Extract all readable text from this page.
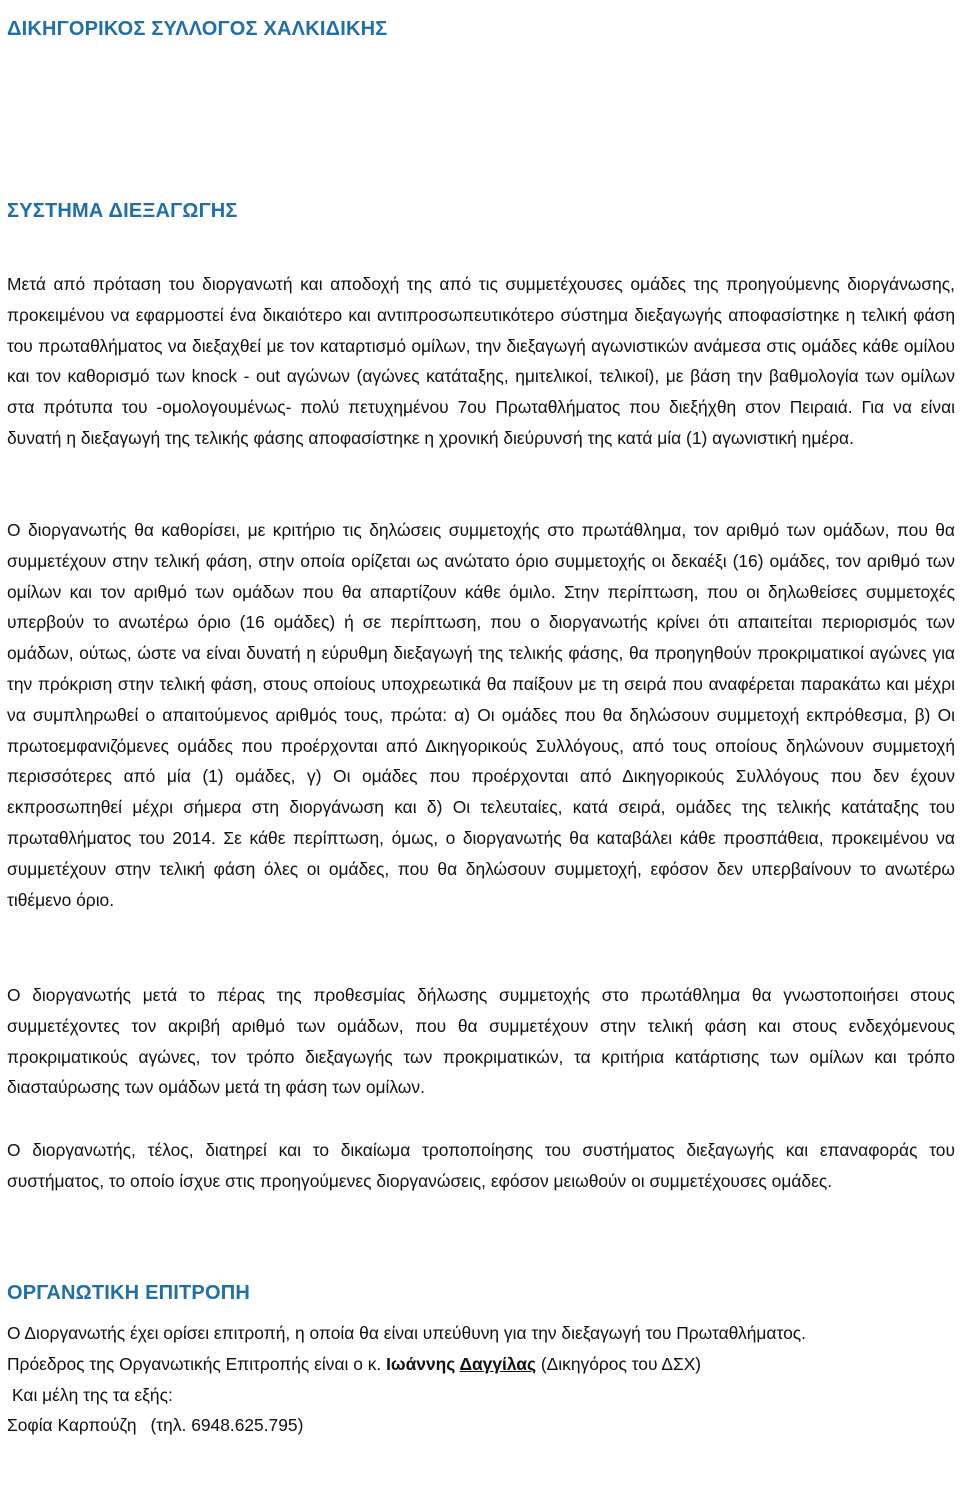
ΔΙΚΗΓΟΡΙΚΟΣ ΣΥΛΛΟΓΟΣ ΧΑΛΚΙΔΙΚΗΣ
ΣΥΣΤΗΜΑ ΔΙΕΞΑΓΩΓΗΣ

Μετά από πρόταση του διοργανωτή και αποδοχή της από τις συμμετέχουσες ομάδες της προηγούμενης διοργάνωσης, προκειμένου να εφαρμοστεί ένα δικαιότερο και αντιπροσωπευτικότερο σύστημα διεξαγωγής αποφασίστηκε η τελική φάση του πρωταθλήματος να διεξαχθεί με τον καταρτισμό ομίλων, την διεξαγωγή αγωνιστικών ανάμεσα στις ομάδες κάθε ομίλου και τον καθορισμό των knock - out αγώνων (αγώνες κατάταξης, ημιτελικοί, τελικοί), με βάση την βαθμολογία των ομίλων στα πρότυπα του -ομολογουμένως- πολύ πετυχημένου 7ου Πρωταθλήματος που διεξήχθη στον Πειραιά. Για να είναι δυνατή η διεξαγωγή της τελικής φάσης αποφασίστηκε η χρονική διεύρυνσή της κατά μία (1) αγωνιστική ημέρα.

Ο διοργανωτής θα καθορίσει, με κριτήριο τις δηλώσεις συμμετοχής στο πρωτάθλημα, τον αριθμό των ομάδων, που θα συμμετέχουν στην τελική φάση, στην οποία ορίζεται ως ανώτατο όριο συμμετοχής οι δεκαέξι (16) ομάδες, τον αριθμό των ομίλων και τον αριθμό των ομάδων που θα απαρτίζουν κάθε όμιλο. Στην περίπτωση, που οι δηλωθείσες συμμετοχές υπερβούν το ανωτέρω όριο (16 ομάδες) ή σε περίπτωση, που ο διοργανωτής κρίνει ότι απαιτείται περιορισμός των ομάδων, ούτως, ώστε να είναι δυνατή η εύρυθμη διεξαγωγή της τελικής φάσης, θα προηγηθούν προκριματικοί αγώνες για την πρόκριση στην τελική φάση, στους οποίους υποχρεωτικά θα παίξουν με τη σειρά που αναφέρεται παρακάτω και μέχρι να συμπληρωθεί ο απαιτούμενος αριθμός τους, πρώτα: α) Οι ομάδες που θα δηλώσουν συμμετοχή εκπρόθεσμα, β) Οι πρωτοεμφανιζόμενες ομάδες που προέρχονται από Δικηγορικούς Συλλόγους, από τους οποίους δηλώνουν συμμετοχή περισσότερες από μία (1) ομάδες, γ) Οι ομάδες που προέρχονται από Δικηγορικούς Συλλόγους που δεν έχουν εκπροσωπηθεί μέχρι σήμερα στη διοργάνωση και δ) Οι τελευταίες, κατά σειρά, ομάδες της τελικής κατάταξης του πρωταθλήματος του 2014. Σε κάθε περίπτωση, όμως, ο διοργανωτής θα καταβάλει κάθε προσπάθεια, προκειμένου να συμμετέχουν στην τελική φάση όλες οι ομάδες, που θα δηλώσουν συμμετοχή, εφόσον δεν υπερβαίνουν το ανωτέρω τιθέμενο όριο.

Ο διοργανωτής μετά το πέρας της προθεσμίας δήλωσης συμμετοχής στο πρωτάθλημα θα γνωστοποιήσει στους συμμετέχοντες τον ακριβή αριθμό των ομάδων, που θα συμμετέχουν στην τελική φάση και στους ενδεχόμενους προκριματικούς αγώνες, τον τρόπο διεξαγωγής των προκριματικών, τα κριτήρια κατάρτισης των ομίλων και τρόπο διασταύρωσης των ομάδων μετά τη φάση των ομίλων.

Ο διοργανωτής, τέλος, διατηρεί και το δικαίωμα τροποποίησης του συστήματος διεξαγωγής και επαναφοράς του συστήματος, το οποίο ίσχυε στις προηγούμενες διοργανώσεις, εφόσον μειωθούν οι συμμετέχουσες ομάδες.

ΟΡΓΑΝΩΤΙΚΗ ΕΠΙΤΡΟΠΗ
Ο Διοργανωτής έχει ορίσει επιτροπή, η οποία θα είναι υπεύθυνη για την διεξαγωγή του Πρωταθλήματος.
Πρόεδρος της Οργανωτικής Επιτροπής είναι ο κ. Ιωάννης Δαγγίλας (Δικηγόρος του ΔΣΧ)
Και μέλη της τα εξής:
Σοφία Καρπούζη (τηλ. 6948.625.795)
